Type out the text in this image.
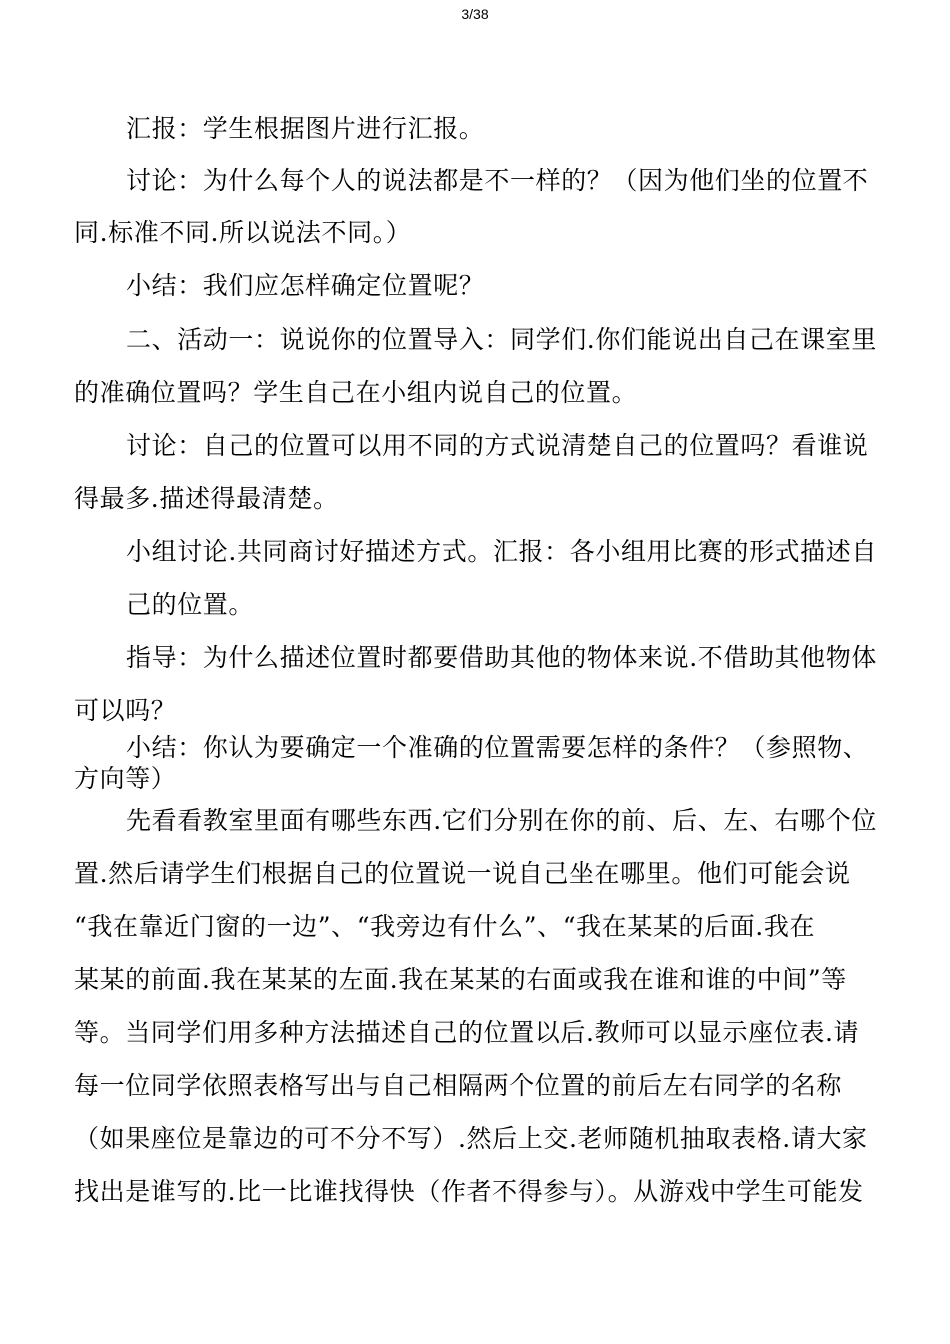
3/38
汇报：学生根据图片进行汇报。
讨论：为什么每个人的说法都是不一样的？（因为他们坐的位置不
同.标准不同.所以说法不同。）
小结：我们应怎样确定位置呢？
二、活动一：说说你的位置导入：同学们.你们能说出自己在课室里
的准确位置吗？学生自己在小组内说自己的位置。
讨论：自己的位置可以用不同的方式说清楚自己的位置吗？看谁说
得最多.描述得最清楚。
小组讨论.共同商讨好描述方式。汇报：各小组用比赛的形式描述自
己的位置。
指导：为什么描述位置时都要借助其他的物体来说.不借助其他物体
可以吗？
小结：你认为要确定一个准确的位置需要怎样的条件？（参照物、
方向等）
先看看教室里面有哪些东西.它们分别在你的前、后、左、右哪个位
置.然后请学生们根据自己的位置说一说自己坐在哪里。他们可能会说
“我在靠近门窗的一边”、“我旁边有什么”、“我在某某的后面.我在
某某的前面.我在某某的左面.我在某某的右面或我在谁和谁的中间”等
等。当同学们用多种方法描述自己的位置以后.教师可以显示座位表.请
每一位同学依照表格写出与自己相隔两个位置的前后左右同学的名称
（如果座位是靠边的可不分不写）.然后上交.老师随机抽取表格.请大家
找出是谁写的.比一比谁找得快（作者不得参与）。从游戏中学生可能发
